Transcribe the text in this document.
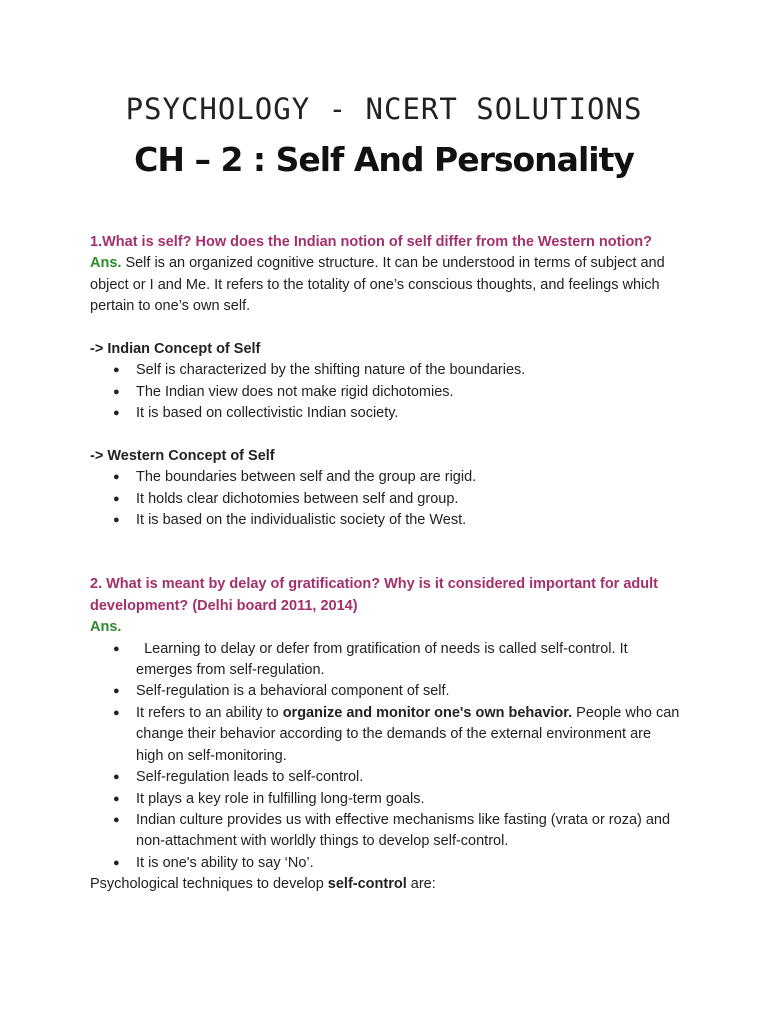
PSYCHOLOGY - NCERT SOLUTIONS
CH – 2 : Self And Personality
1.What is self? How does the Indian notion of self differ from the Western notion?
Ans. Self is an organized cognitive structure. It can be understood in terms of subject and object or I and Me. It refers to the totality of one’s conscious thoughts, and feelings which pertain to one’s own self.
-> Indian Concept of Self
● Self is characterized by the shifting nature of the boundaries.
● The Indian view does not make rigid dichotomies.
● It is based on collectivistic Indian society.
-> Western Concept of Self
● The boundaries between self and the group are rigid.
● It holds clear dichotomies between self and group.
● It is based on the individualistic society of the West.
2. What is meant by delay of gratification? Why is it considered important for adult development? (Delhi board 2011, 2014)
Ans.
● Learning to delay or defer from gratification of needs is called self-control. It emerges from self-regulation.
● Self-regulation is a behavioral component of self.
● It refers to an ability to organize and monitor one's own behavior. People who can change their behavior according to the demands of the external environment are high on self-monitoring.
● Self-regulation leads to self-control.
● It plays a key role in fulfilling long-term goals.
● Indian culture provides us with effective mechanisms like fasting (vrata or roza) and non-attachment with worldly things to develop self-control.
● It is one's ability to say ‘No’.
Psychological techniques to develop self-control are:
